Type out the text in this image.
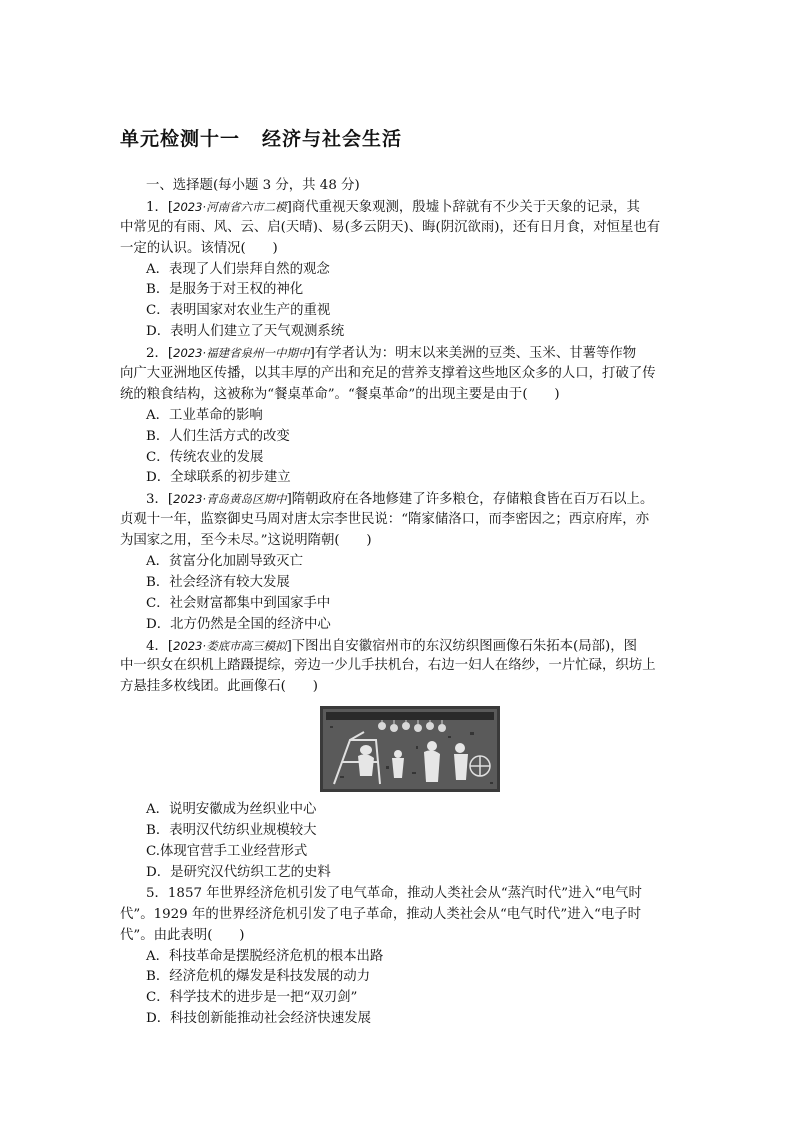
单元检测十一 经济与社会生活
一、选择题(每小题 3 分，共 48 分)
1．[2023·河南省六市二模]商代重视天象观测，殷墟卜辞就有不少关于天象的记录，其
中常见的有雨、风、云、启(天晴)、易(多云阴天)、晦(阴沉欲雨)，还有日月食，对恒星也有
一定的认识。该情况(　　)
A．表现了人们崇拜自然的观念
B．是服务于对王权的神化
C．表明国家对农业生产的重视
D．表明人们建立了天气观测系统
2．[2023·福建省泉州一中期中]有学者认为：明末以来美洲的豆类、玉米、甘薯等作物
向广大亚洲地区传播，以其丰厚的产出和充足的营养支撑着这些地区众多的人口，打破了传
统的粮食结构，这被称为“餐桌革命”。“餐桌革命”的出现主要是由于(　　)
A．工业革命的影响
B．人们生活方式的改变
C．传统农业的发展
D．全球联系的初步建立
3．[2023·青岛黄岛区期中]隋朝政府在各地修建了许多粮仓，存储粮食皆在百万石以上。
贞观十一年，监察御史马周对唐太宗李世民说：“隋家储洛口，而李密因之；西京府库，亦
为国家之用，至今未尽。”这说明隋朝(　　)
A．贫富分化加剧导致灭亡
B．社会经济有较大发展
C．社会财富都集中到国家手中
D．北方仍然是全国的经济中心
4．[2023·娄底市高三模拟]下图出自安徽宿州市的东汉纺织图画像石朱拓本(局部)，图
中一织女在织机上踏蹑提综，旁边一少儿手扶机台，右边一妇人在络纱，一片忙碌，织坊上
方悬挂多枚线团。此画像石(　　)
A．说明安徽成为丝织业中心
B．表明汉代纺织业规模较大
C.体现官营手工业经营形式
D．是研究汉代纺织工艺的史料
5．1857 年世界经济危机引发了电气革命，推动人类社会从“蒸汽时代”进入“电气时
代”。1929 年的世界经济危机引发了电子革命，推动人类社会从“电气时代”进入“电子时
代”。由此表明(　　)
A．科技革命是摆脱经济危机的根本出路
B．经济危机的爆发是科技发展的动力
C．科学技术的进步是一把“双刃剑”
D．科技创新能推动社会经济快速发展
